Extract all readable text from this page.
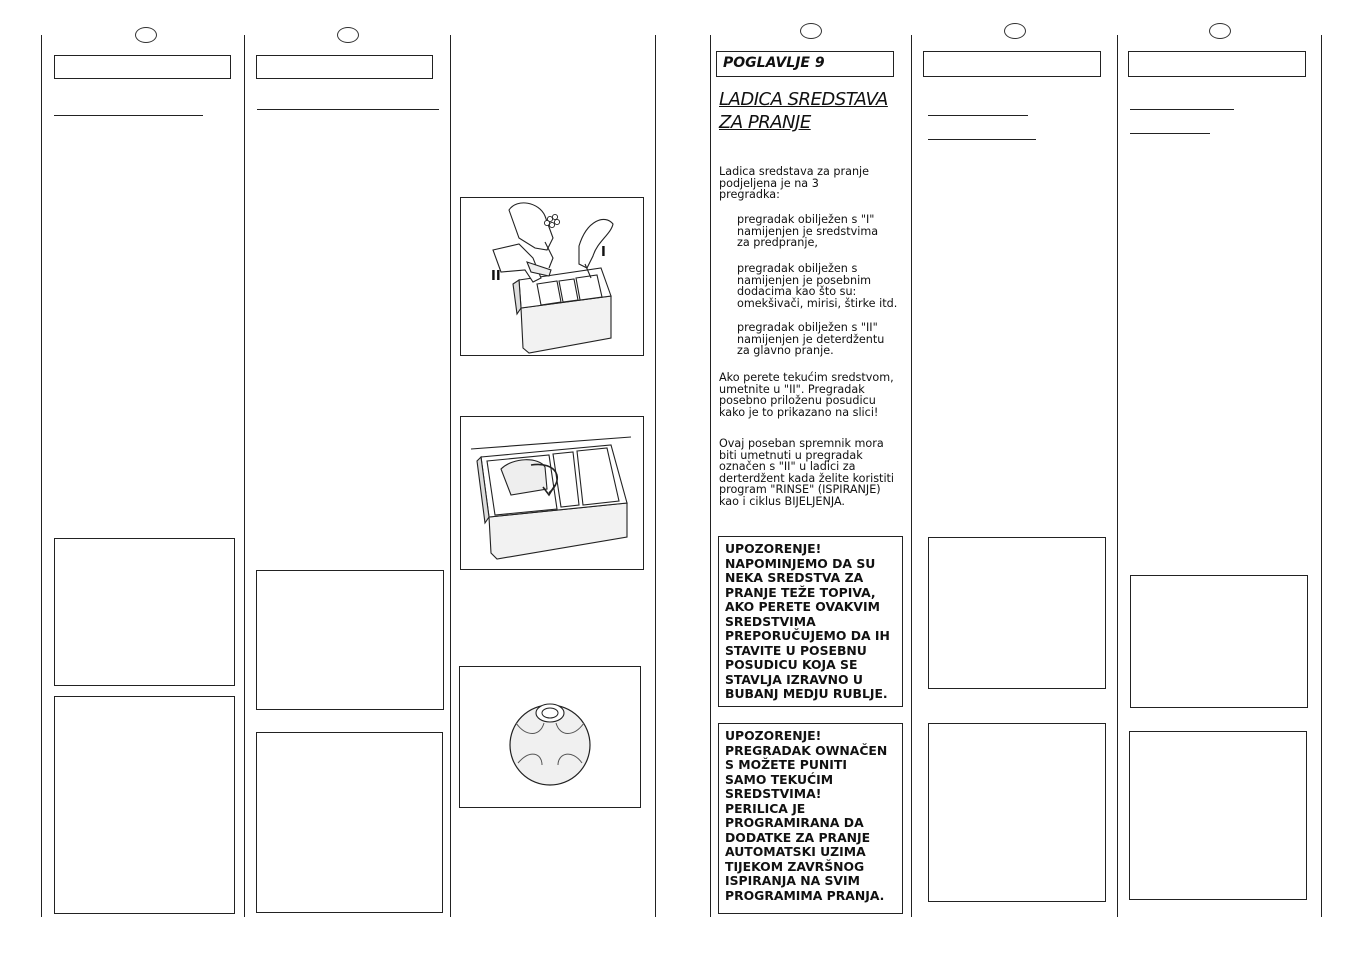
II
I
POGLAVLJE 9
LADICA SREDSTAVA
ZA PRANJE
Ladica sredstava za pranje
podjeljena je na 3
pregradka:
pregradak obilježen s "I"
namijenjen je sredstvima
za predpranje,
pregradak obilježen s
namijenjen je posebnim
dodacima kao što su:
omekšivači, mirisi, štirke itd.
pregradak obilježen s "II"
namijenjen je deterdžentu
za glavno pranje.
Ako perete tekućim sredstvom,
umetnite u "II". Pregradak
posebno priloženu posudicu
kako je to prikazano na slici!
Ovaj poseban spremnik mora
biti umetnuti u pregradak
označen s "II" u ladici za
derterdžent kada želite koristiti
program "RINSE" (ISPIRANJE)
kao i ciklus BIJELJENJA.
UPOZORENJE!
NAPOMINJEMO DA SU
NEKA SREDSTVA ZA
PRANJE TEŽE TOPIVA,
AKO PERETE OVAKVIM
SREDSTVIMA
PREPORUČUJEMO DA IH
STAVITE U POSEBNU
POSUDICU KOJA SE
STAVLJA IZRAVNO U
BUBANJ MEDJU RUBLJE.
UPOZORENJE!
PREGRADAK OWNAČEN
S MOŽETE PUNITI
SAMO TEKUĆIM
SREDSTVIMA!
PERILICA JE
PROGRAMIRANA DA
DODATKE ZA PRANJE
AUTOMATSKI UZIMA
TIJEKOM ZAVRŠNOG
ISPIRANJA NA SVIM
PROGRAMIMA PRANJA.
